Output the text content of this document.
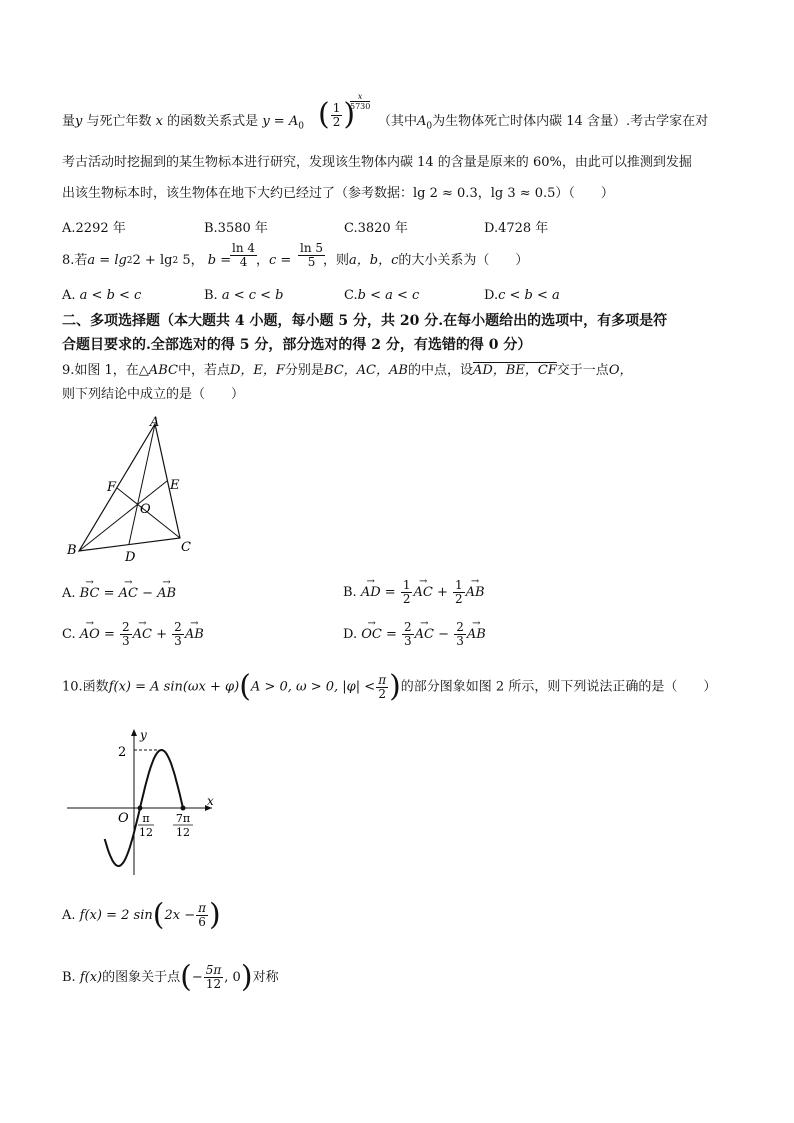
量y 与死亡年数 x 的函数关系式是 $y = A_0$ ( $\frac{1}{2}$ )
x
5730
（其中$A_0$为生物体死亡时体内碳 14 含量）.考古学家在对
考古活动时挖掘到的某生物标本进行研究，发现该生物体内碳 14 的含量是原来的 60%，由此可以推测到发掘
出该生物标本时，该生物体在地下大约已经过了（参考数据：lg 2 ≈ 0.3，lg 3 ≈ 0.5）（　　）
A.2292 年	B.3580 年	C.3820 年	D.4728 年
8.若$a = \lg^22 + \lg^2 5$， b =
$\frac{\ln 4}{4}$
，$c = \frac{\ln 5}{5}$
，则a，b，c的大小关系为（　　）
A. a < b < c	B. a < c < b	C.b < a < c	D.c < b < a
二、多项选择题（本大题共 4 小题，每小题 5 分，共 20 分.在每小题给出的选项中，有多项是符
合题目要求的.全部选对的得 5 分，部分选对的得 2 分，有选错的得 0 分）
9.如图 1，在△ABC中，若点D，E，F分别是BC，AC，AB的中点，设AD，BE，CF交于一点O，
则下列结论中成立的是（　　）
A
B	C
D
E
F
O
A. → BC = → AC − → AB	B. → AD = $\frac{1}{2}$ → AC + $\frac{1}{2}$ → AB
C. → AO = $\frac{2}{3}$ → AC + $\frac{2}{3}$ → AB	D. → OC = $\frac{2}{3}$ → AC − $\frac{2}{3}$ → AB
10.函数f(x) = A sin(ωx + φ)(A > 0, ω > 0, $|\varphi| < \frac{\pi}{2}$ )的部分图象如图 2 所示，则下列说法正确的是（　　）
y
x
O
2
π
12
7π
12
A. f(x) = 2 $\sin(2x - \frac{\pi}{6}$ )
B. f(x)的图象关于点(− $\frac{5\pi}{12}$ , 0)对称
